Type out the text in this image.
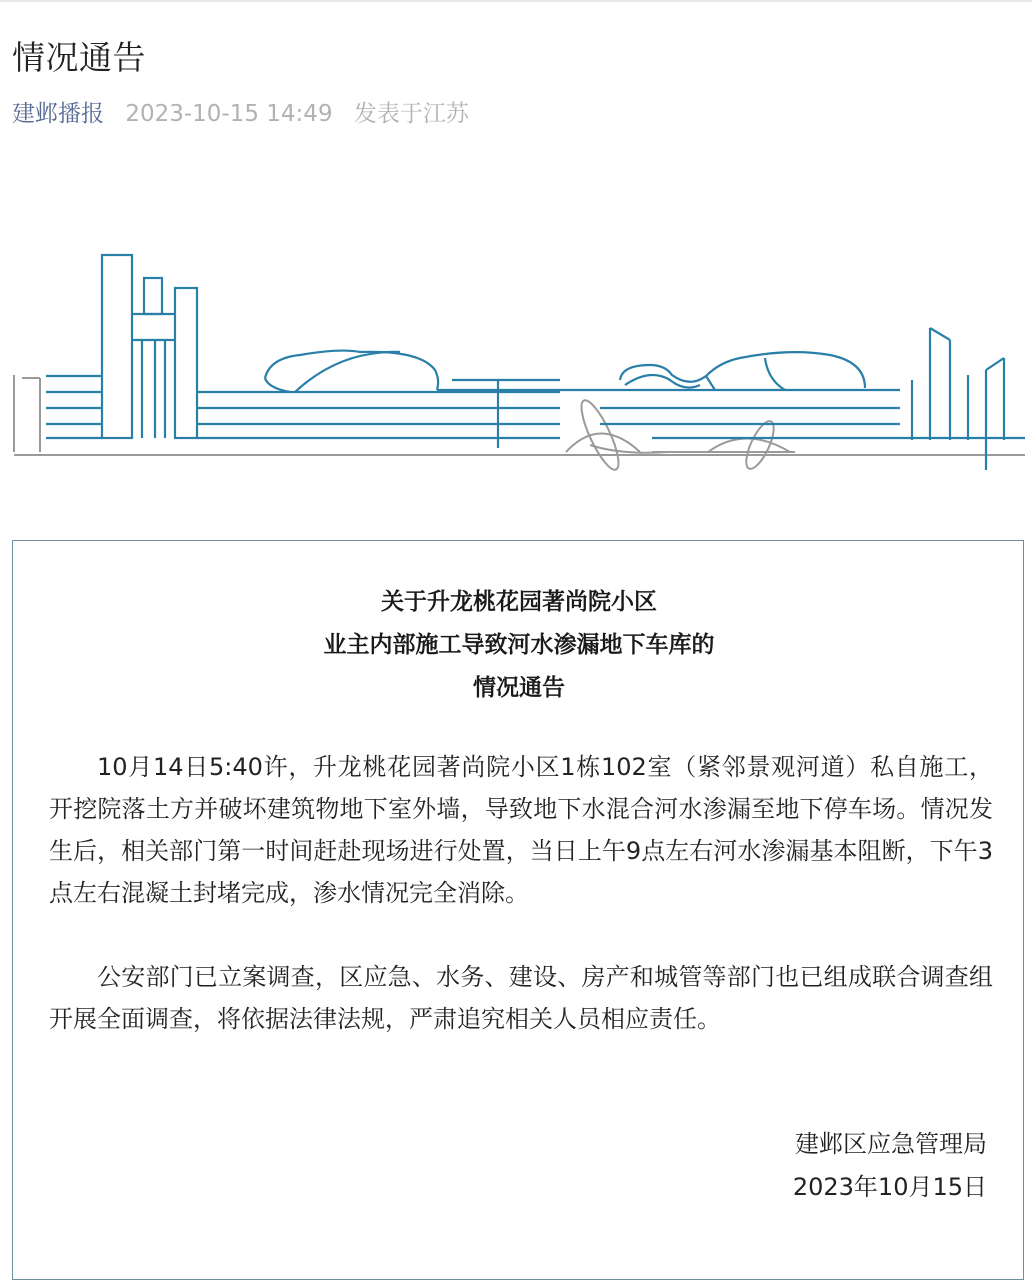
情况通告
建邺播报 2023-10-15 14:49 发表于江苏
关于升龙桃花园著尚院小区
业主内部施工导致河水渗漏地下车库的
情况通告

10月14日5:40许，升龙桃花园著尚院小区1栋102室（紧邻景观河道）私自施工，开挖院落土方并破坏建筑物地下室外墙，导致地下水混合河水渗漏至地下停车场。情况发生后，相关部门第一时间赶赴现场进行处置，当日上午9点左右河水渗漏基本阻断，下午3点左右混凝土封堵完成，渗水情况完全消除。

公安部门已立案调查，区应急、水务、建设、房产和城管等部门也已组成联合调查组开展全面调查，将依据法律法规，严肃追究相关人员相应责任。

建邺区应急管理局
2023年10月15日
